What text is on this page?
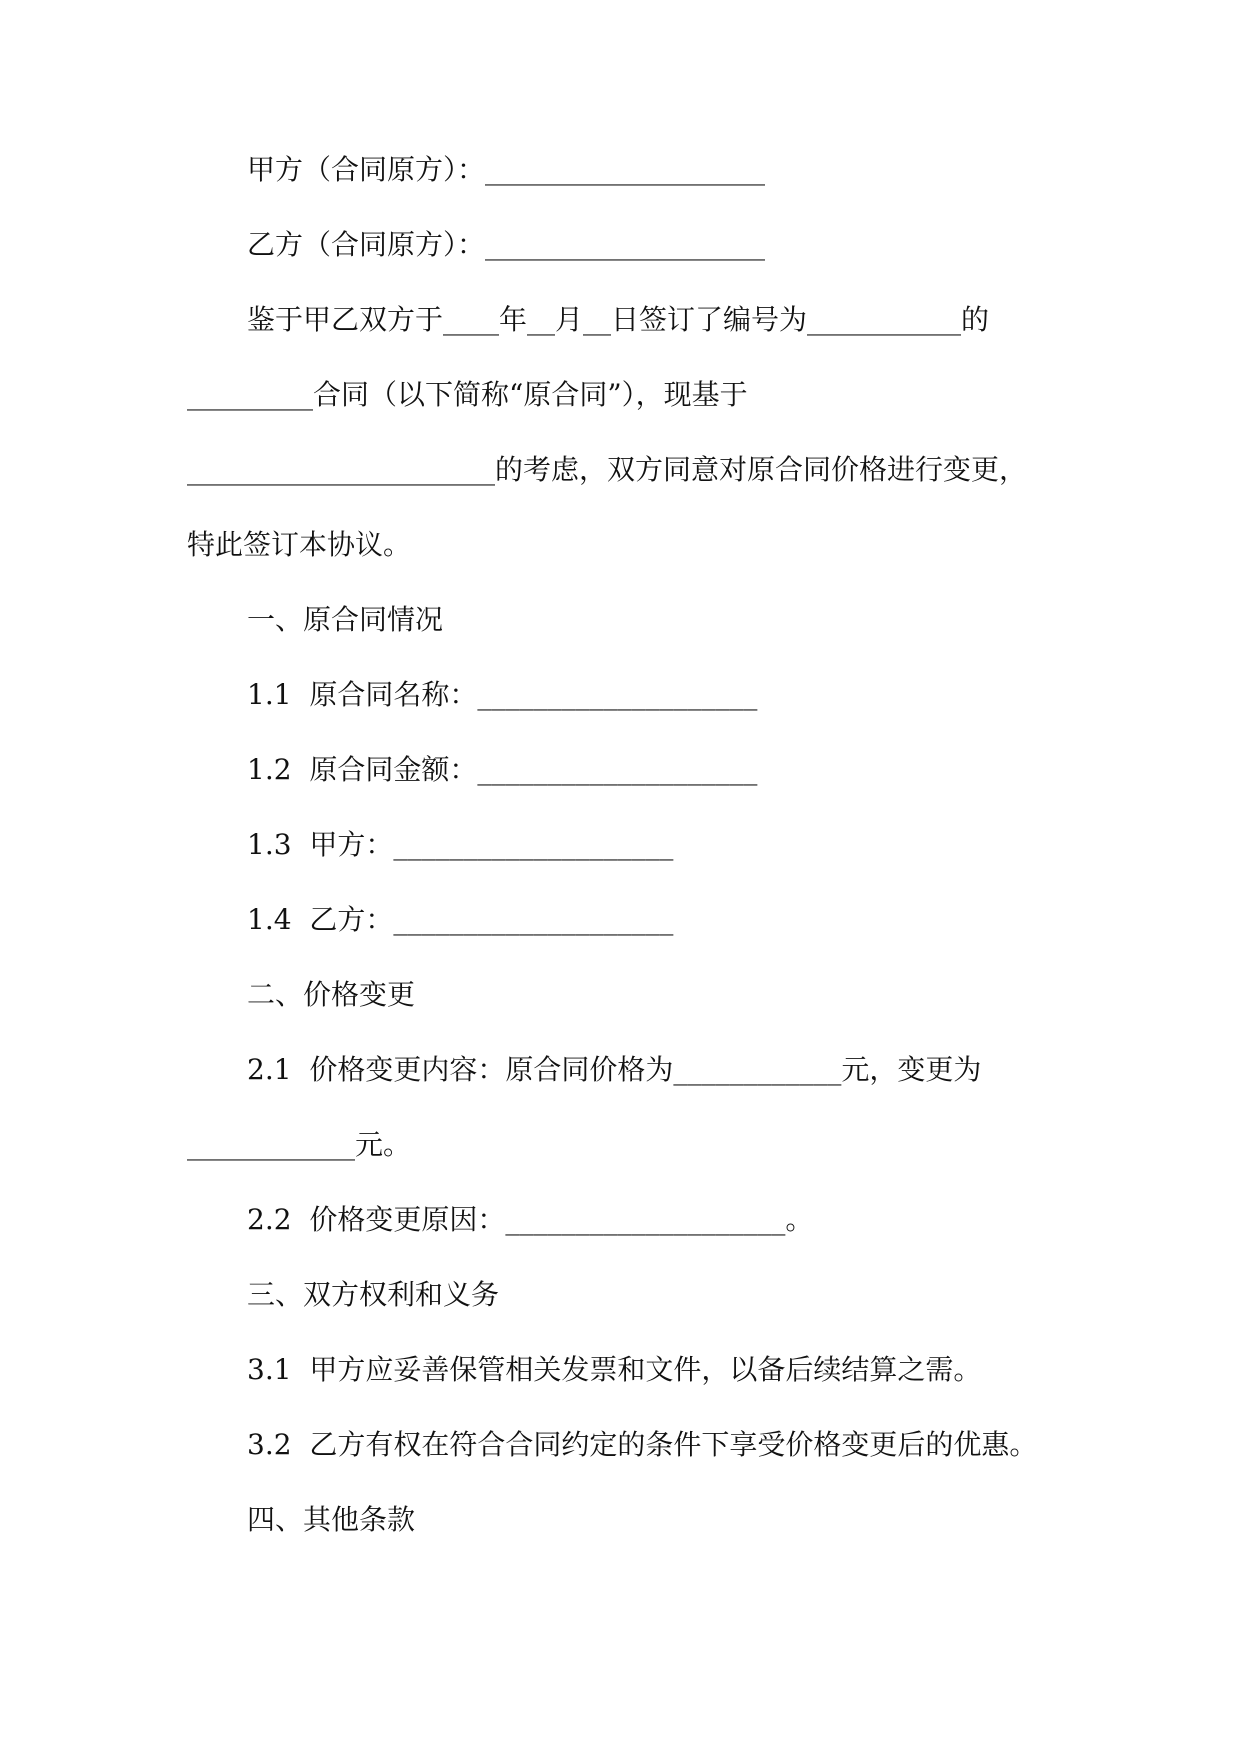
甲方（合同原方）：____________________
乙方（合同原方）：____________________
鉴于甲乙双方于____年__月__日签订了编号为___________的
_________合同（以下简称“原合同”），现基于
______________________的考虑，双方同意对原合同价格进行变更，
特此签订本协议。
一、原合同情况
1.1  原合同名称：____________________
1.2  原合同金额：____________________
1.3  甲方：____________________
1.4  乙方：____________________
二、价格变更
2.1  价格变更内容：原合同价格为____________元，变更为
____________元。
2.2  价格变更原因：____________________。
三、双方权利和义务
3.1  甲方应妥善保管相关发票和文件，以备后续结算之需。
3.2  乙方有权在符合合同约定的条件下享受价格变更后的优惠。
四、其他条款
